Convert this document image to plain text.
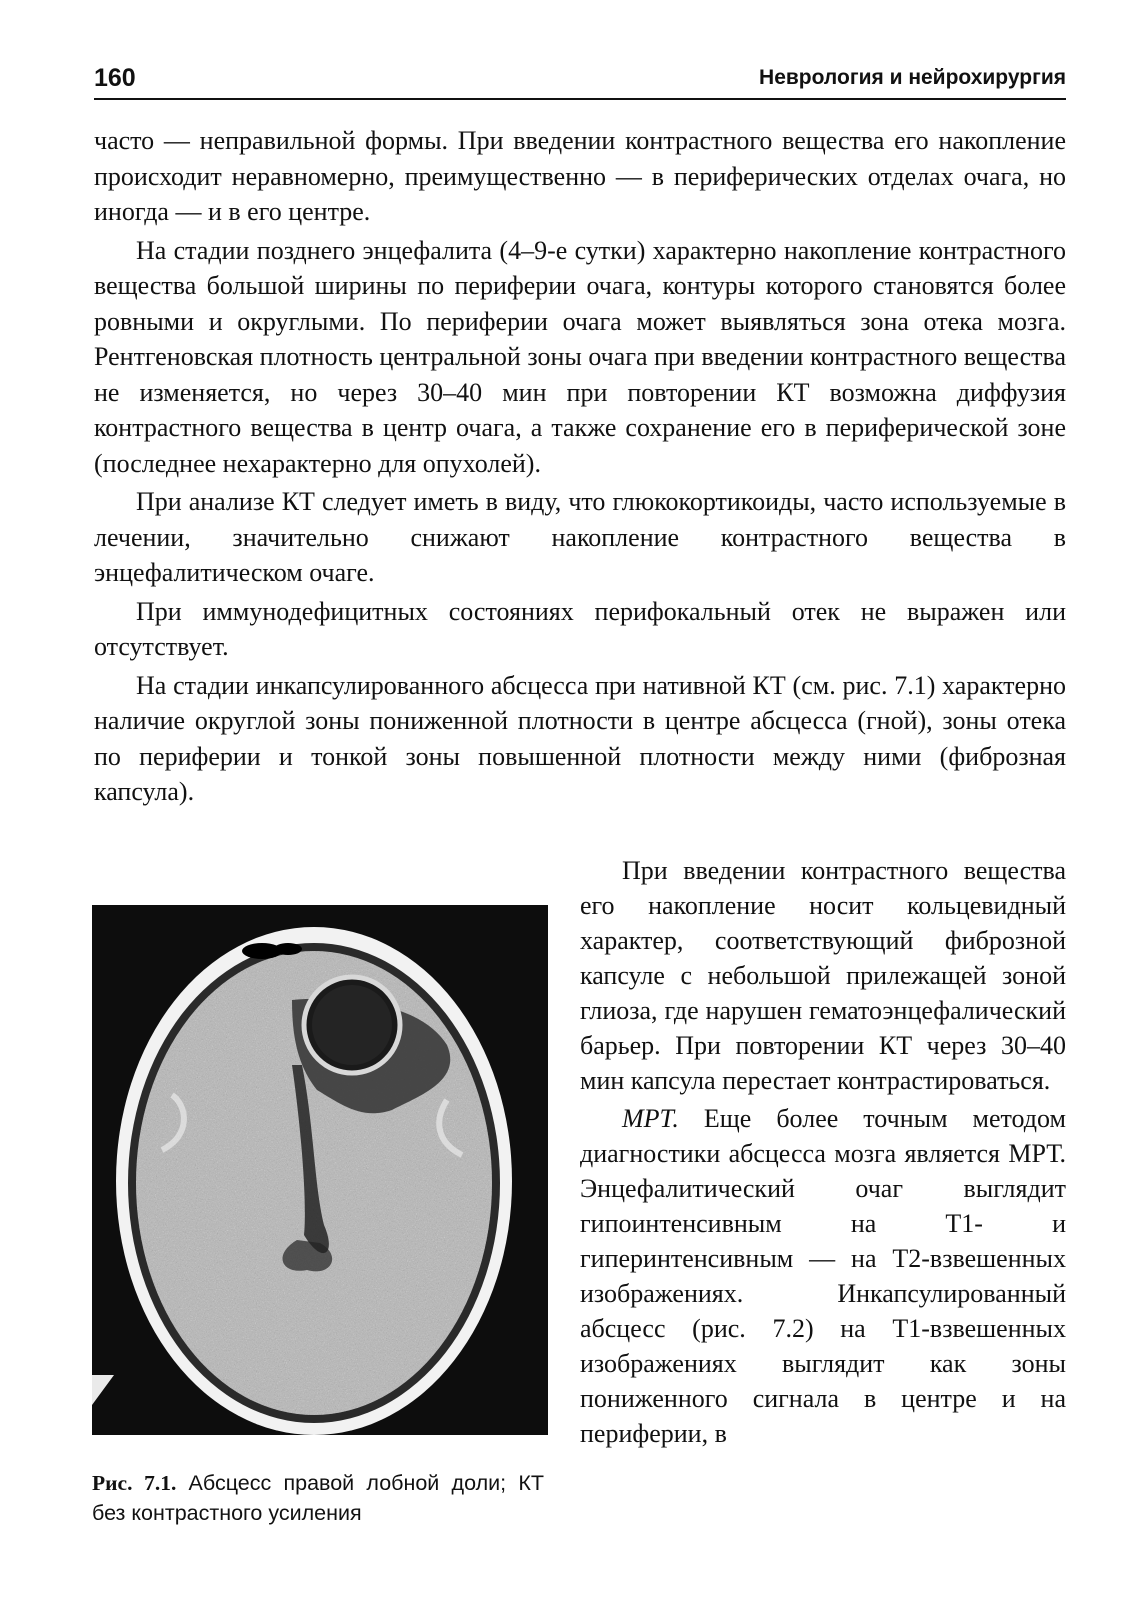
160	Неврология и нейрохирургия

часто — неправильной формы. При введении контрастного вещества его накопление происходит неравномерно, преимущественно — в периферических отделах очага, но иногда — и в его центре.

На стадии позднего энцефалита (4–9-е сутки) характерно накопление контрастного вещества большой ширины по периферии очага, контуры которого становятся более ровными и округлыми. По периферии очага может выявляться зона отека мозга. Рентгеновская плотность центральной зоны очага при введении контрастного вещества не изменяется, но через 30–40 мин при повторении КТ возможна диффузия контрастного вещества в центр очага, а также сохранение его в периферической зоне (последнее нехарактерно для опухолей).

При анализе КТ следует иметь в виду, что глюкокортикоиды, часто используемые в лечении, значительно снижают накопление контрастного вещества в энцефалитическом очаге.

При иммунодефицитных состояниях перифокальный отек не выражен или отсутствует.

На стадии инкапсулированного абсцесса при нативной КТ (см. рис. 7.1) характерно наличие округлой зоны пониженной плотности в центре абсцесса (гной), зоны отека по периферии и тонкой зоны повышенной плотности между ними (фиброзная капсула).

Рис. 7.1. Абсцесс правой лобной доли; КТ без контрастного усиления

При введении контрастного вещества его накопление носит кольцевидный характер, соответствующий фиброзной капсуле с небольшой прилежащей зоной глиоза, где нарушен гематоэнцефалический барьер. При повторении КТ через 30–40 мин капсула перестает контрастироваться.

МРТ. Еще более точным методом диагностики абсцесса мозга является МРТ. Энцефалитический очаг выглядит гипоинтенсивным на Т1- и гиперинтенсивным — на Т2-взвешенных изображениях. Инкапсулированный абсцесс (рис. 7.2) на Т1-взвешенных изображениях выглядит как зоны пониженного сигнала в центре и на периферии, в
